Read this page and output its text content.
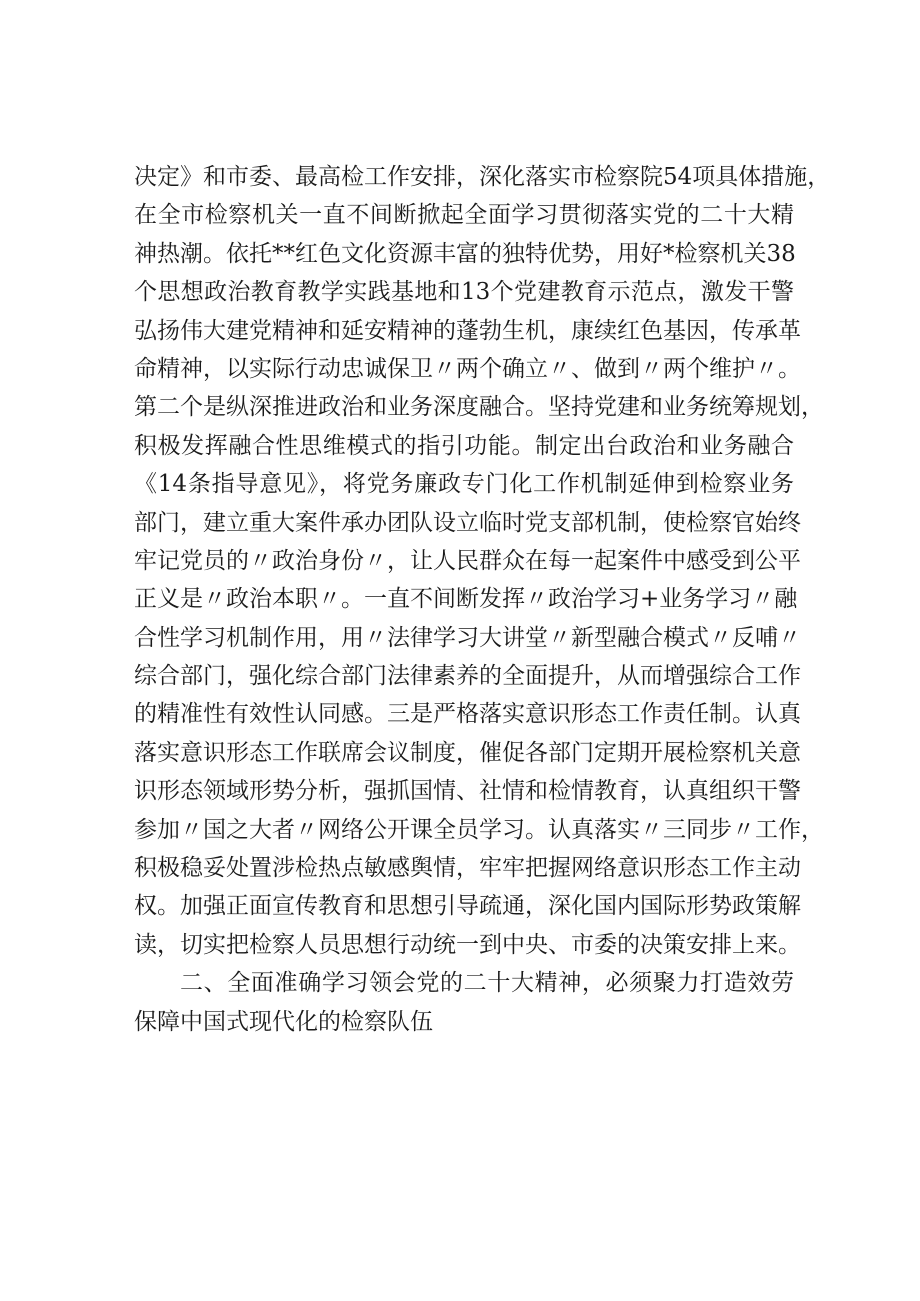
决定》和市委、最高检工作安排，深化落实市检察院54项具体措施，
在全市检察机关一直不间断掀起全面学习贯彻落实党的二十大精
神热潮。依托**红色文化资源丰富的独特优势，用好*检察机关38
个思想政治教育教学实践基地和13个党建教育示范点，激发干警
弘扬伟大建党精神和延安精神的蓬勃生机，康续红色基因，传承革
命精神，以实际行动忠诚保卫〃两个确立〃、做到〃两个维护〃。
第二个是纵深推进政治和业务深度融合。坚持党建和业务统筹规划，
积极发挥融合性思维模式的指引功能。制定出台政治和业务融合
《14条指导意见》，将党务廉政专门化工作机制延伸到检察业务
部门，建立重大案件承办团队设立临时党支部机制，使检察官始终
牢记党员的〃政治身份〃，让人民群众在每一起案件中感受到公平
正义是〃政治本职〃。一直不间断发挥〃政治学习+业务学习〃融
合性学习机制作用，用〃法律学习大讲堂〃新型融合模式〃反哺〃
综合部门，强化综合部门法律素养的全面提升，从而增强综合工作
的精准性有效性认同感。三是严格落实意识形态工作责任制。认真
落实意识形态工作联席会议制度，催促各部门定期开展检察机关意
识形态领域形势分析，强抓国情、社情和检情教育，认真组织干警
参加〃国之大者〃网络公开课全员学习。认真落实〃三同步〃工作，
积极稳妥处置涉检热点敏感舆情，牢牢把握网络意识形态工作主动
权。加强正面宣传教育和思想引导疏通，深化国内国际形势政策解
读，切实把检察人员思想行动统一到中央、市委的决策安排上来。
二、全面准确学习领会党的二十大精神，必须聚力打造效劳
保障中国式现代化的检察队伍
